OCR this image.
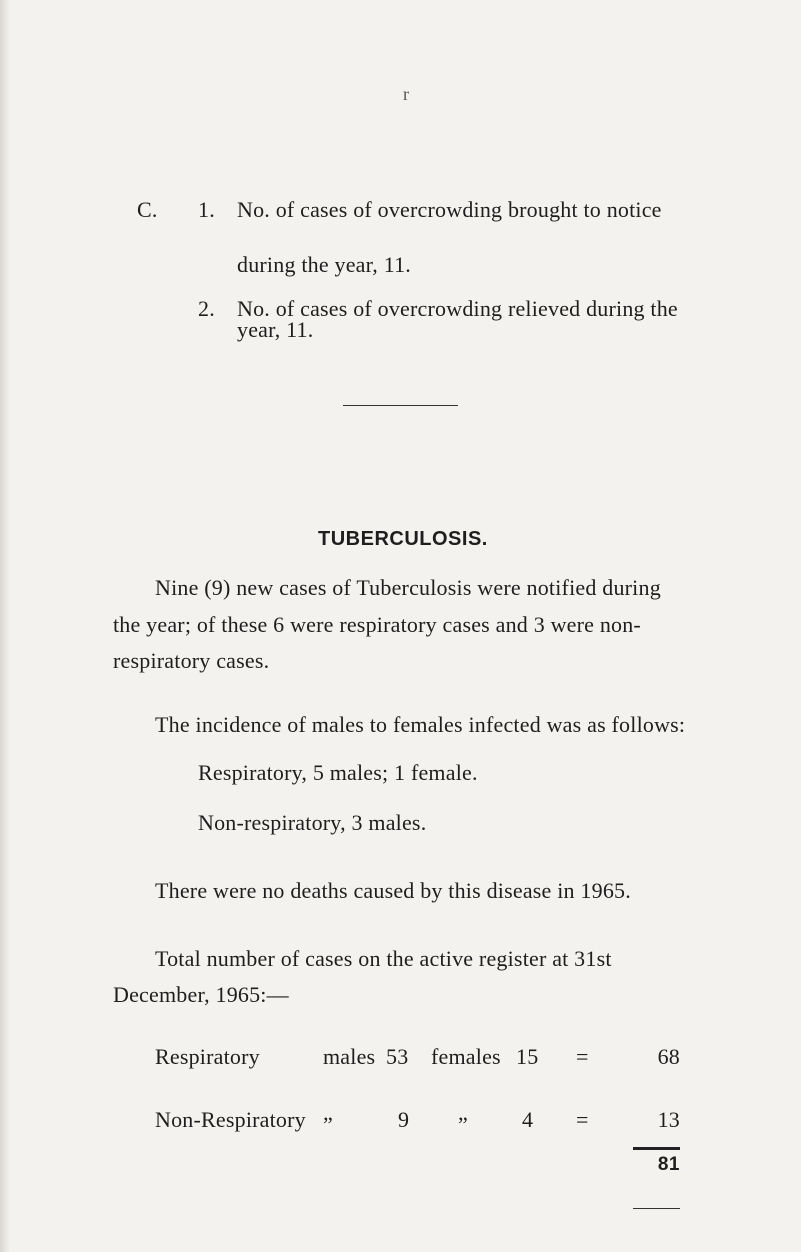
r
C. 1. No. of cases of overcrowding brought to notice
during the year, 11.
2. No. of cases of overcrowding relieved during the
year, 11.
TUBERCULOSIS.
Nine (9) new cases of Tuberculosis were notified during
the year; of these 6 were respiratory cases and 3 were non-
respiratory cases.
The incidence of males to females infected was as follows:
Respiratory, 5 males; 1 female.
Non-respiratory, 3 males.
There were no deaths caused by this disease in 1965.
Total number of cases on the active register at 31st
December, 1965:—
Respiratory	males 53 females 15 =	68
Non-Respiratory „	9 „ 4 =	13
81
